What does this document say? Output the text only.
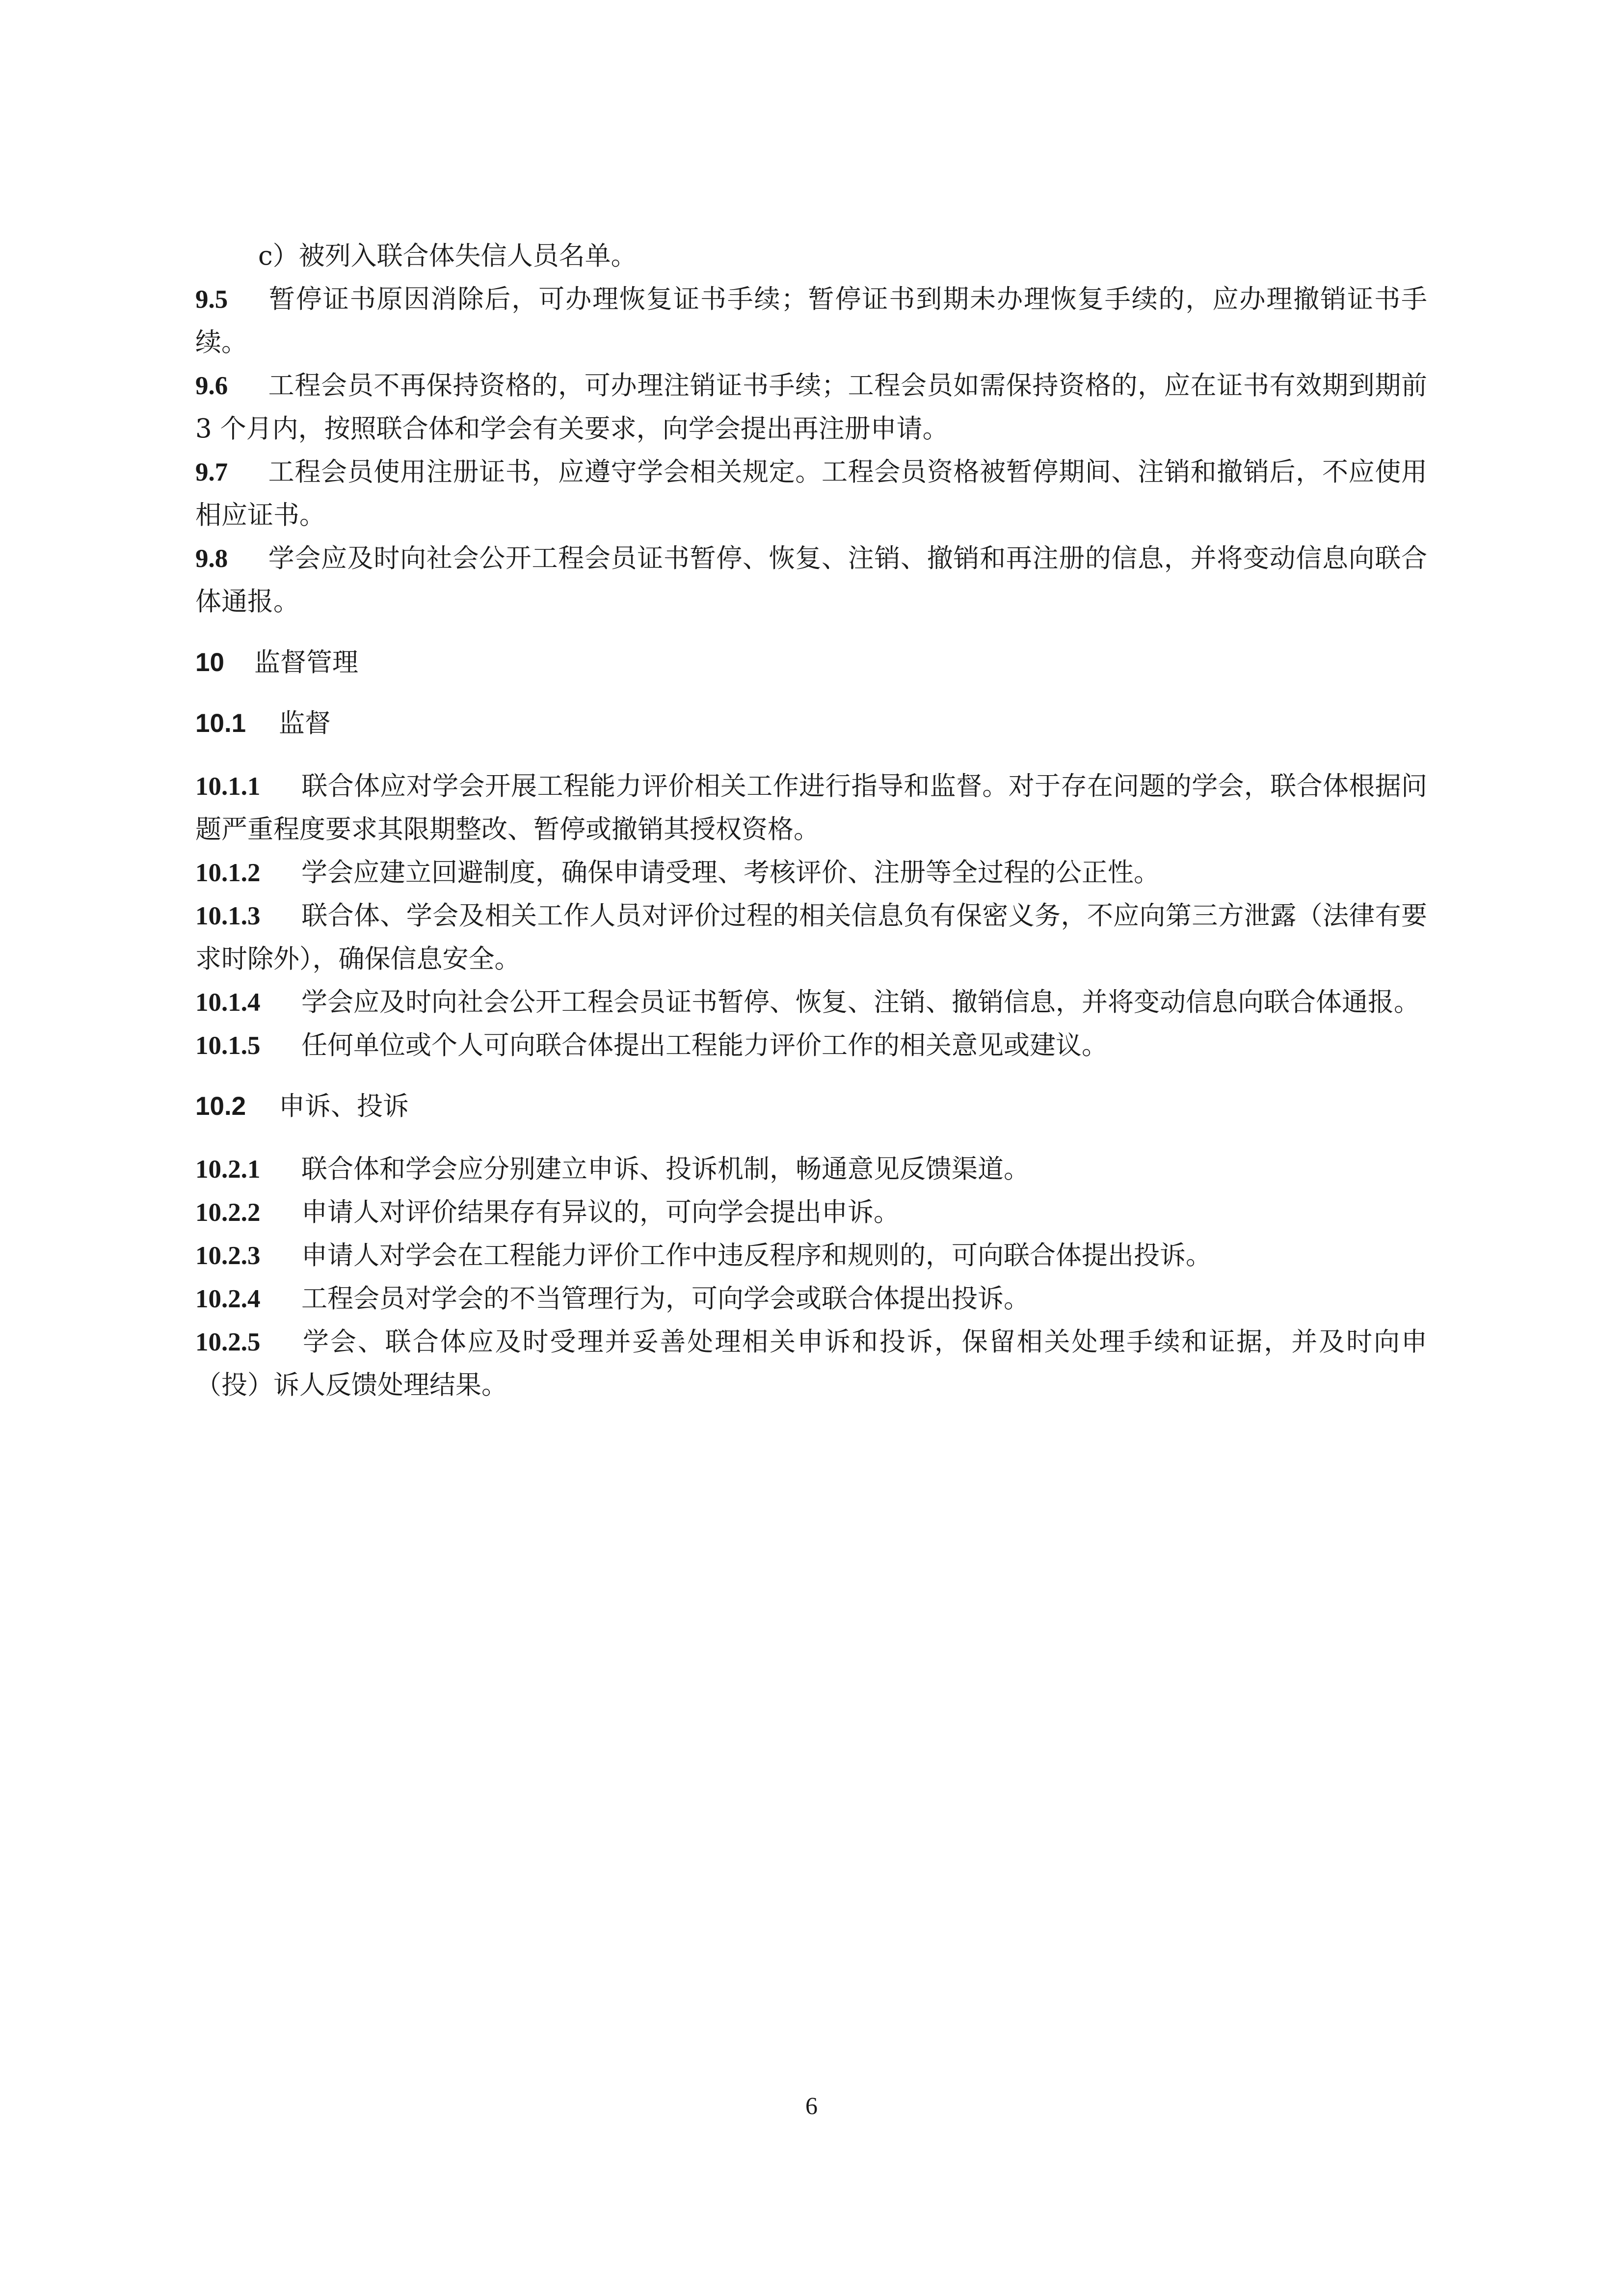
c）被列入联合体失信人员名单。

9.5 暂停证书原因消除后，可办理恢复证书手续；暂停证书到期未办理恢复手续的，应办理撤销证书手续。

9.6 工程会员不再保持资格的，可办理注销证书手续；工程会员如需保持资格的，应在证书有效期到期前 3 个月内，按照联合体和学会有关要求，向学会提出再注册申请。

9.7 工程会员使用注册证书，应遵守学会相关规定。工程会员资格被暂停期间、注销和撤销后，不应使用相应证书。

9.8 学会应及时向社会公开工程会员证书暂停、恢复、注销、撤销和再注册的信息，并将变动信息向联合体通报。

10 监督管理

10.1 监督

10.1.1 联合体应对学会开展工程能力评价相关工作进行指导和监督。对于存在问题的学会，联合体根据问题严重程度要求其限期整改、暂停或撤销其授权资格。

10.1.2 学会应建立回避制度，确保申请受理、考核评价、注册等全过程的公正性。

10.1.3 联合体、学会及相关工作人员对评价过程的相关信息负有保密义务，不应向第三方泄露（法律有要求时除外），确保信息安全。

10.1.4 学会应及时向社会公开工程会员证书暂停、恢复、注销、撤销信息，并将变动信息向联合体通报。

10.1.5 任何单位或个人可向联合体提出工程能力评价工作的相关意见或建议。

10.2 申诉、投诉

10.2.1 联合体和学会应分别建立申诉、投诉机制，畅通意见反馈渠道。

10.2.2 申请人对评价结果存有异议的，可向学会提出申诉。

10.2.3 申请人对学会在工程能力评价工作中违反程序和规则的，可向联合体提出投诉。

10.2.4 工程会员对学会的不当管理行为，可向学会或联合体提出投诉。

10.2.5 学会、联合体应及时受理并妥善处理相关申诉和投诉，保留相关处理手续和证据，并及时向申（投）诉人反馈处理结果。

6
